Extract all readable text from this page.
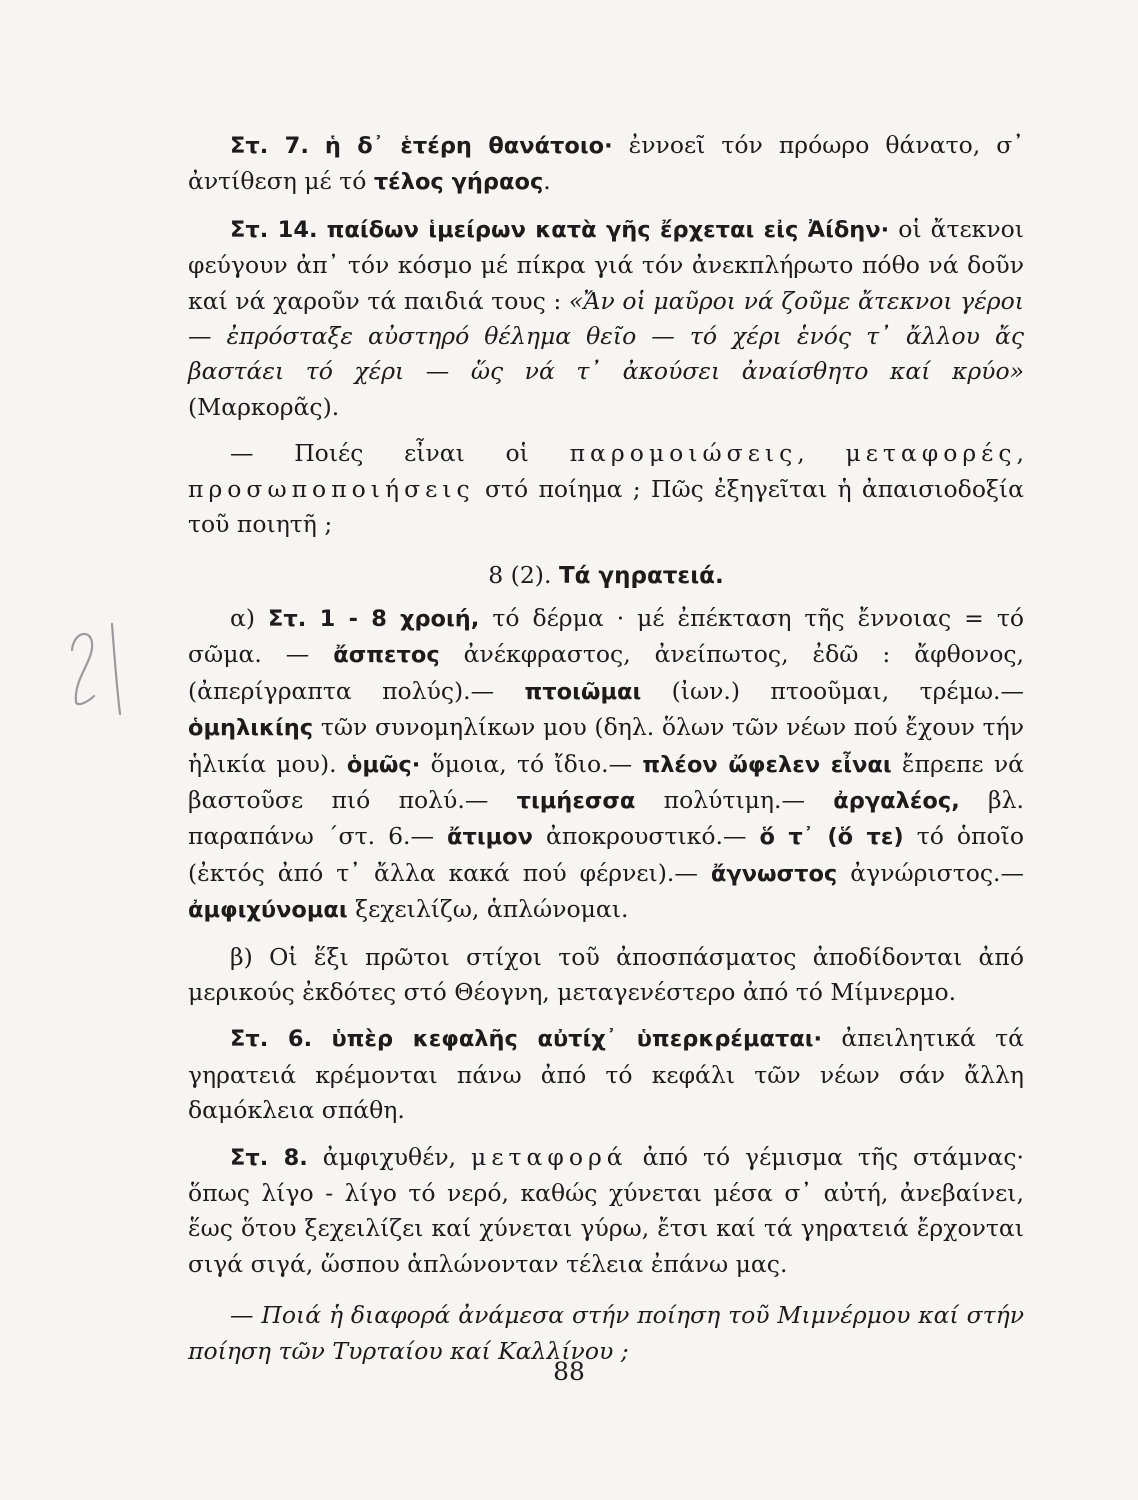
Στ. 7. ἡ δ᾽ ἑτέρη θανάτοιο· ἐννοεῖ τόν πρόωρο θάνατο, σ᾽ ἀντίθεση μέ τό τέλος γήραος.

Στ. 14. παίδων ἱμείρων κατὰ γῆς ἔρχεται εἰς Ἀίδην· οἱ ἄτεκνοι φεύγουν ἀπ᾽ τόν κόσμο μέ πίκρα γιά τόν ἀνεκπλήρωτο πόθο νά δοῦν καί νά χαροῦν τά παιδιά τους : «Ἄν οἱ μαῦροι νά ζοῦμε ἄτεκνοι γέροι— ἐπρόσταξε αὐστηρό θέλημα θεῖο — τό χέρι ἑνός τ᾽ ἄλλου ἄς βαστάει τό χέρι — ὥς νά τ᾽ ἀκούσει ἀναίσθητο καί κρύο» (Μαρκορᾶς).

— Ποιές εἶναι οἱ παρομοιώσεις, μεταφορές, προσωποποιήσεις στό ποίημα ; Πῶς ἐξηγεῖται ἡ ἀπαισιοδοξία τοῦ ποιητῆ ;

8 (2). Τά γηρατειά.

α) Στ. 1 - 8 χροιή, τό δέρμα · μέ ἐπέκταση τῆς ἔννοιας = τό σῶμα. — ἄσπετος ἀνέκφραστος, ἀνείπωτος, ἐδῶ : ἄφθονος, (ἀπερίγραπτα πολύς).— πτοιῶμαι (ἰων.) πτοοῦμαι, τρέμω.— ὁμηλικίης τῶν συνομηλίκων μου (δηλ. ὅλων τῶν νέων πού ἔχουν τήν ἡλικία μου). ὁμῶς· ὅμοια, τό ἴδιο.— πλέον ὤφελεν εἶναι ἔπρεπε νά βαστοῦσε πιό πολύ.— τιμήεσσα πολύτιμη.— ἀργαλέος, βλ. παραπάνω ΄στ. 6.— ἄτιμον ἀποκρουστικό.— ὅ τ᾽ (ὅ τε) τό ὁποῖο (ἐκτός ἀπό τ᾽ ἄλλα κακά πού φέρνει).— ἄγνωστος ἀγνώριστος.— ἀμφιχύνομαι ξεχειλίζω, ἁπλώνομαι.

β) Οἱ ἕξι πρῶτοι στίχοι τοῦ ἀποσπάσματος ἀποδίδονται ἀπό μερικούς ἐκδότες στό Θέογνη, μεταγενέστερο ἀπό τό Μίμνερμο.

Στ. 6. ὑπὲρ κεφαλῆς αὐτίχ᾽ ὑπερκρέμαται· ἀπειλητικά τά γηρατειά κρέμονται πάνω ἀπό τό κεφάλι τῶν νέων σάν ἄλλη δαμόκλεια σπάθη.

Στ. 8. ἀμφιχυθέν, μεταφορά ἀπό τό γέμισμα τῆς στάμνας· ὅπως λίγο - λίγο τό νερό, καθώς χύνεται μέσα σ᾽ αὐτή, ἀνεβαίνει, ἕως ὅτου ξεχειλίζει καί χύνεται γύρω, ἔτσι καί τά γηρατειά ἔρχονται σιγά σιγά, ὥσπου ἁπλώνονταν τέλεια ἐπάνω μας.

— Ποιά ἡ διαφορά ἀνάμεσα στήν ποίηση τοῦ Μιμνέρμου καί στήν ποίηση τῶν Τυρταίου καί Καλλίνου ;

88
